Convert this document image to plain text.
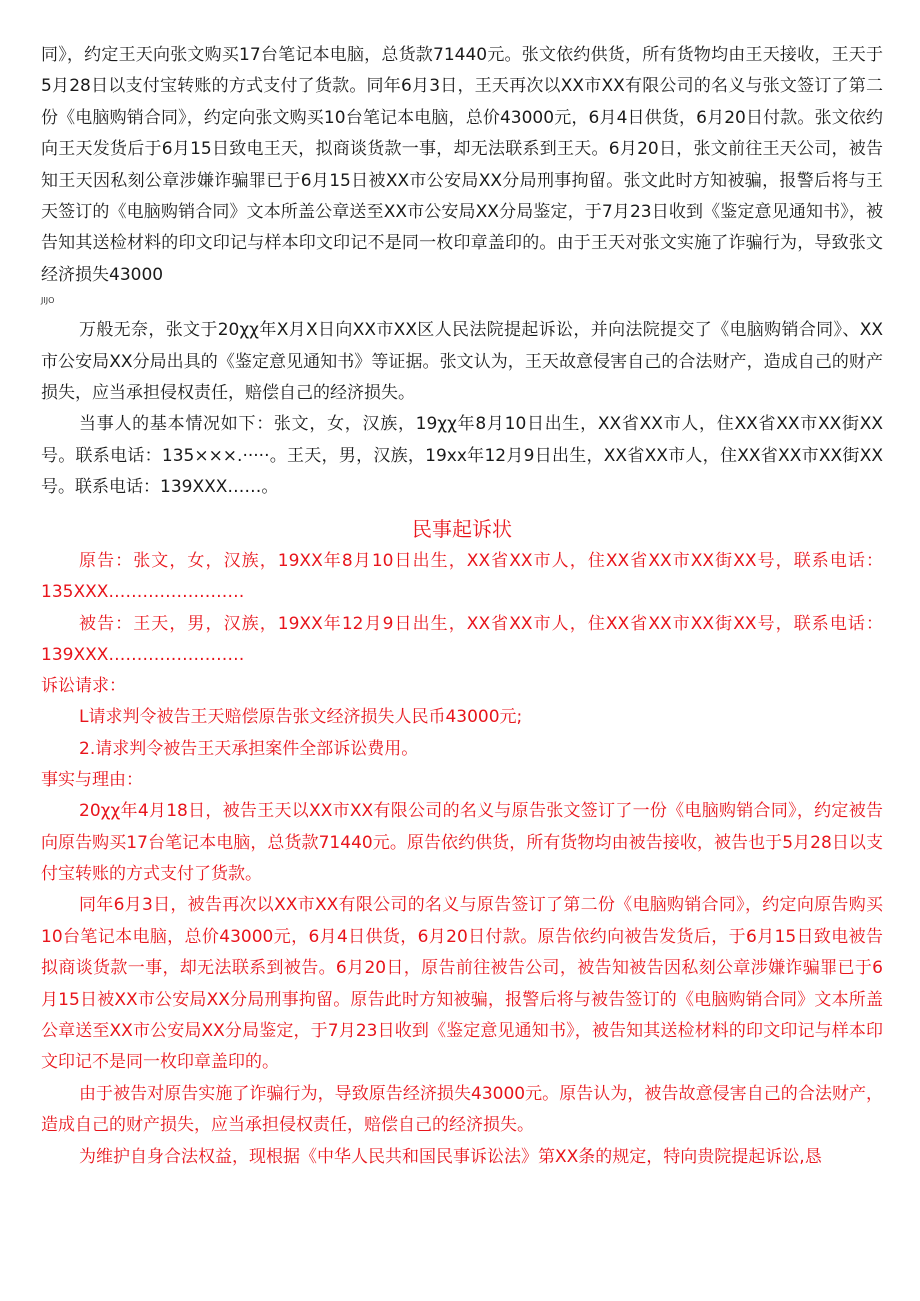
同》，约定王天向张文购买17台笔记本电脑，总货款71440元。张文依约供货，所有货物均由王天接收，王天于5月28日以支付宝转账的方式支付了货款。同年6月3日，王天再次以XX市XX有限公司的名义与张文签订了第二份《电脑购销合同》，约定向张文购买10台笔记本电脑，总价43000元，6月4日供货，6月20日付款。张文依约向王天发货后于6月15日致电王天，拟商谈货款一事，却无法联系到王天。6月20日，张文前往王天公司，被告知王天因私刻公章涉嫌诈骗罪已于6月15日被XX市公安局XX分局刑事拘留。张文此时方知被骗，报警后将与王天签订的《电脑购销合同》文本所盖公章送至XX市公安局XX分局鉴定，于7月23日收到《鉴定意见通知书》，被告知其送检材料的印文印记与样本印文印记不是同一枚印章盖印的。由于王天对张文实施了诈骗行为，导致张文经济损失43000

JIJO

万般无奈，张文于20χχ年X月X日向XX市XX区人民法院提起诉讼，并向法院提交了《电脑购销合同》、XX市公安局XX分局出具的《鉴定意见通知书》等证据。张文认为，王天故意侵害自己的合法财产，造成自己的财产损失，应当承担侵权责任，赔偿自己的经济损失。

当事人的基本情况如下：张文，女，汉族，19χχ年8月10日出生，XX省XX市人，住XX省XX市XX街XX号。联系电话：135×××.·····。王天，男，汉族，19xx年12月9日出生，XX省XX市人，住XX省XX市XX街XX号。联系电话：139XXX……。

民事起诉状

原告：张文，女，汉族，19XX年8月10日出生，XX省XX市人，住XX省XX市XX街XX号，联系电话：135XXX……………………

被告：王天，男，汉族，19XX年12月9日出生，XX省XX市人，住XX省XX市XX街XX号，联系电话：139XXX……………………

诉讼请求：

L请求判令被告王天赔偿原告张文经济损失人民币43000元;

2.请求判令被告王天承担案件全部诉讼费用。

事实与理由：

20χχ年4月18日，被告王天以XX市XX有限公司的名义与原告张文签订了一份《电脑购销合同》，约定被告向原告购买17台笔记本电脑，总货款71440元。原告依约供货，所有货物均由被告接收，被告也于5月28日以支付宝转账的方式支付了货款。

同年6月3日，被告再次以XX市XX有限公司的名义与原告签订了第二份《电脑购销合同》，约定向原告购买10台笔记本电脑，总价43000元，6月4日供货，6月20日付款。原告依约向被告发货后，于6月15日致电被告拟商谈货款一事，却无法联系到被告。6月20日，原告前往被告公司，被告知被告因私刻公章涉嫌诈骗罪已于6月15日被XX市公安局XX分局刑事拘留。原告此时方知被骗，报警后将与被告签订的《电脑购销合同》文本所盖公章送至XX市公安局XX分局鉴定，于7月23日收到《鉴定意见通知书》，被告知其送检材料的印文印记与样本印文印记不是同一枚印章盖印的。

由于被告对原告实施了诈骗行为，导致原告经济损失43000元。原告认为，被告故意侵害自己的合法财产，造成自己的财产损失，应当承担侵权责任，赔偿自己的经济损失。

为维护自身合法权益，现根据《中华人民共和国民事诉讼法》第XX条的规定，特向贵院提起诉讼,恳
